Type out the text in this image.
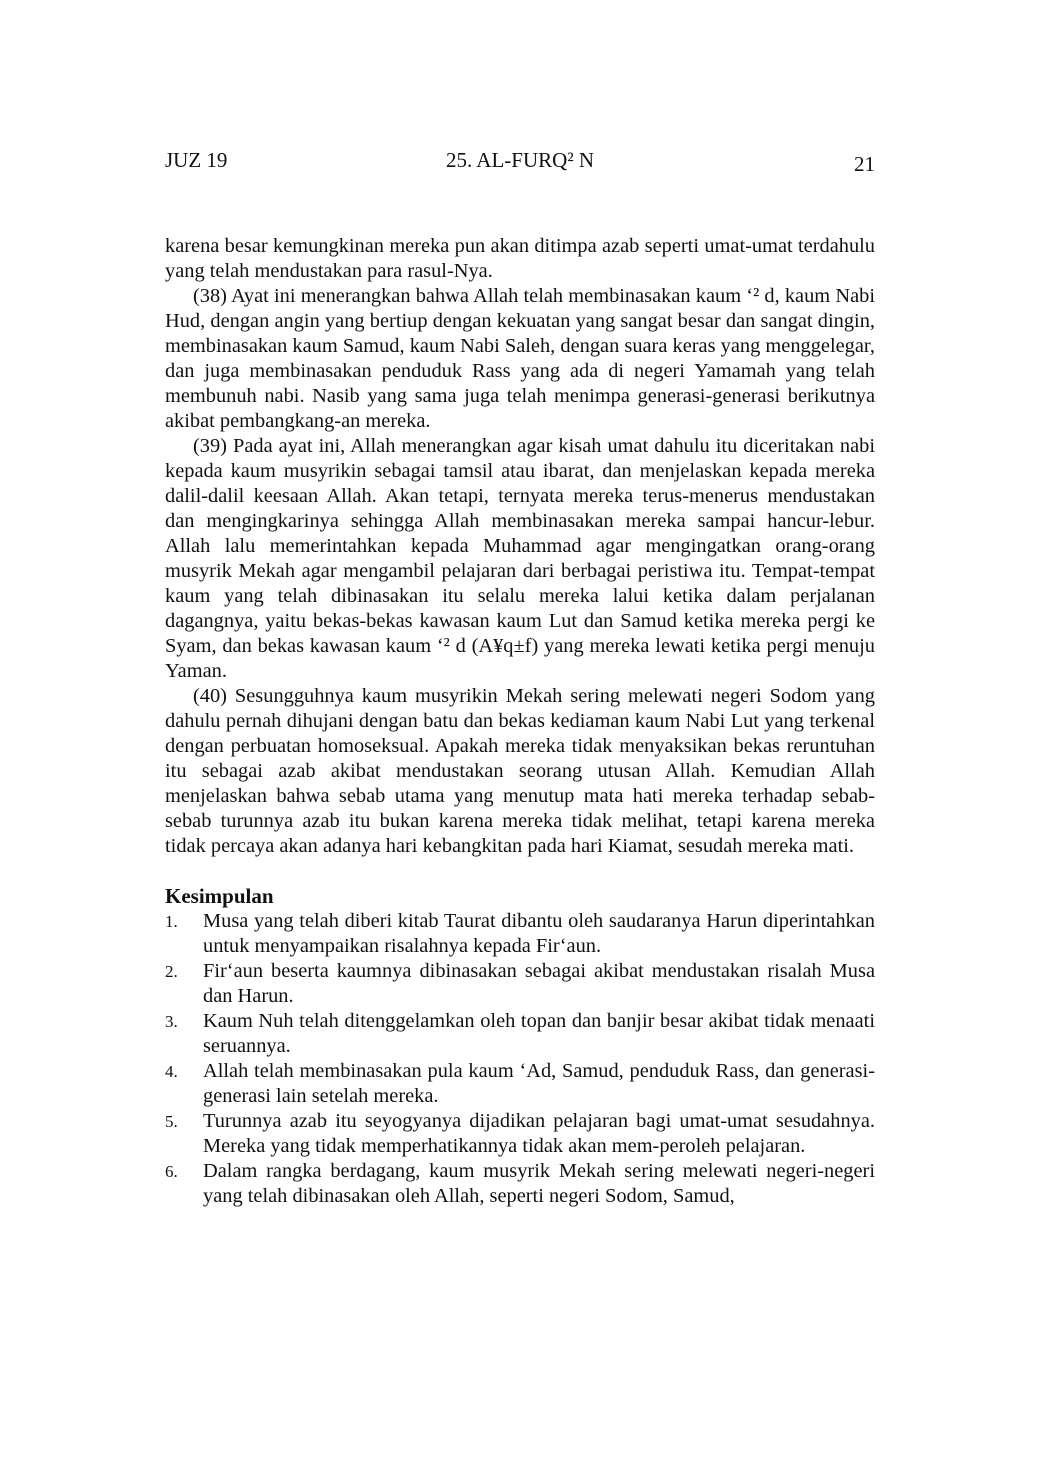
JUZ 19	25. AL-FURQ² N	21

karena besar kemungkinan mereka pun akan ditimpa azab seperti umat-umat terdahulu yang telah mendustakan para rasul-Nya.

(38) Ayat ini menerangkan bahwa Allah telah membinasakan kaum ‘² d, kaum Nabi Hud, dengan angin yang bertiup dengan kekuatan yang sangat besar dan sangat dingin, membinasakan kaum Samud, kaum Nabi Saleh, dengan suara keras yang menggelegar, dan juga membinasakan penduduk Rass yang ada di negeri Yamamah yang telah membunuh nabi. Nasib yang sama juga telah menimpa generasi-generasi berikutnya akibat pembangkang-an mereka.

(39) Pada ayat ini, Allah menerangkan agar kisah umat dahulu itu diceritakan nabi kepada kaum musyrikin sebagai tamsil atau ibarat, dan menjelaskan kepada mereka dalil-dalil keesaan Allah. Akan tetapi, ternyata mereka terus-menerus mendustakan dan mengingkarinya sehingga Allah membinasakan mereka sampai hancur-lebur. Allah lalu memerintahkan kepada Muhammad agar mengingatkan orang-orang musyrik Mekah agar mengambil pelajaran dari berbagai peristiwa itu. Tempat-tempat kaum yang telah dibinasakan itu selalu mereka lalui ketika dalam perjalanan dagangnya, yaitu bekas-bekas kawasan kaum Lut dan Samud ketika mereka pergi ke Syam, dan bekas kawasan kaum ‘² d (A¥q±f) yang mereka lewati ketika pergi menuju Yaman.

(40) Sesungguhnya kaum musyrikin Mekah sering melewati negeri Sodom yang dahulu pernah dihujani dengan batu dan bekas kediaman kaum Nabi Lut yang terkenal dengan perbuatan homoseksual. Apakah mereka tidak menyaksikan bekas reruntuhan itu sebagai azab akibat mendustakan seorang utusan Allah. Kemudian Allah menjelaskan bahwa sebab utama yang menutup mata hati mereka terhadap sebab-sebab turunnya azab itu bukan karena mereka tidak melihat, tetapi karena mereka tidak percaya akan adanya hari kebangkitan pada hari Kiamat, sesudah mereka mati.

Kesimpulan
1. Musa yang telah diberi kitab Taurat dibantu oleh saudaranya Harun diperintahkan untuk menyampaikan risalahnya kepada Fir‘aun.
2. Fir‘aun beserta kaumnya dibinasakan sebagai akibat mendustakan risalah Musa dan Harun.
3. Kaum Nuh telah ditenggelamkan oleh topan dan banjir besar akibat tidak menaati seruannya.
4. Allah telah membinasakan pula kaum ‘Ad, Samud, penduduk Rass, dan generasi-generasi lain setelah mereka.
5. Turunnya azab itu seyogyanya dijadikan pelajaran bagi umat-umat sesudahnya. Mereka yang tidak memperhatikannya tidak akan mem-peroleh pelajaran.
6. Dalam rangka berdagang, kaum musyrik Mekah sering melewati negeri-negeri yang telah dibinasakan oleh Allah, seperti negeri Sodom, Samud,
